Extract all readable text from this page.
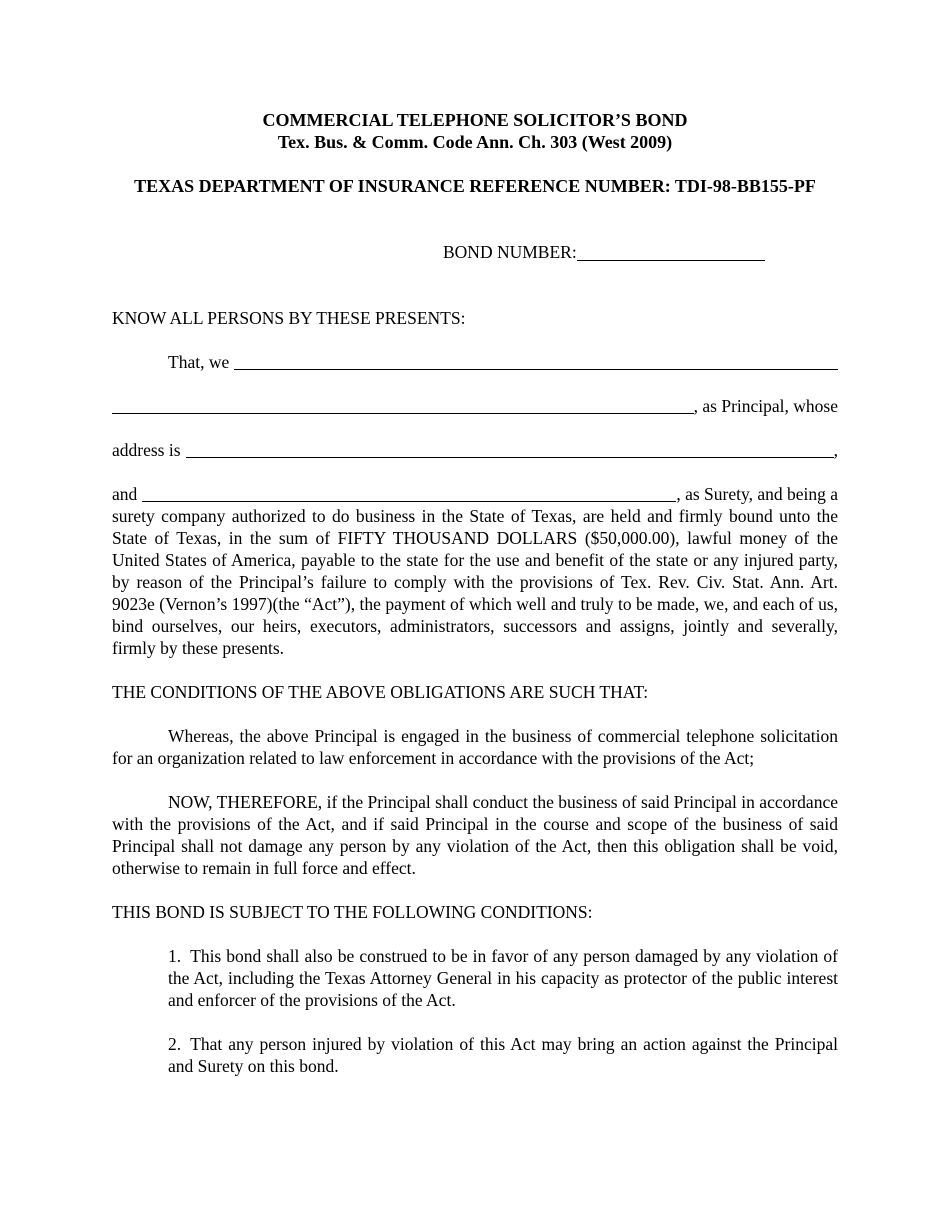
COMMERCIAL TELEPHONE SOLICITOR’S BOND
Tex. Bus. & Comm. Code Ann. Ch. 303 (West 2009)

TEXAS DEPARTMENT OF INSURANCE REFERENCE NUMBER: TDI-98-BB155-PF

BOND NUMBER:

KNOW ALL PERSONS BY THESE PRESENTS:

That, we
, as Principal, whose
address is	,
and	, as Surety, and being a

surety company authorized to do business in the State of Texas, are held and firmly bound unto the State of Texas, in the sum of FIFTY THOUSAND DOLLARS ($50,000.00), lawful money of the United States of America, payable to the state for the use and benefit of the state or any injured party, by reason of the Principal’s failure to comply with the provisions of Tex. Rev. Civ. Stat. Ann. Art. 9023e (Vernon’s 1997)(the “Act”), the payment of which well and truly to be made, we, and each of us, bind ourselves, our heirs, executors, administrators, successors and assigns, jointly and severally, firmly by these presents.

THE CONDITIONS OF THE ABOVE OBLIGATIONS ARE SUCH THAT:

Whereas, the above Principal is engaged in the business of commercial telephone solicitation for an organization related to law enforcement in accordance with the provisions of the Act;

NOW, THEREFORE, if the Principal shall conduct the business of said Principal in accordance with the provisions of the Act, and if said Principal in the course and scope of the business of said Principal shall not damage any person by any violation of the Act, then this obligation shall be void, otherwise to remain in full force and effect.

THIS BOND IS SUBJECT TO THE FOLLOWING CONDITIONS:

1. This bond shall also be construed to be in favor of any person damaged by any violation of the Act, including the Texas Attorney General in his capacity as protector of the public interest and enforcer of the provisions of the Act.

2. That any person injured by violation of this Act may bring an action against the Principal and Surety on this bond.
